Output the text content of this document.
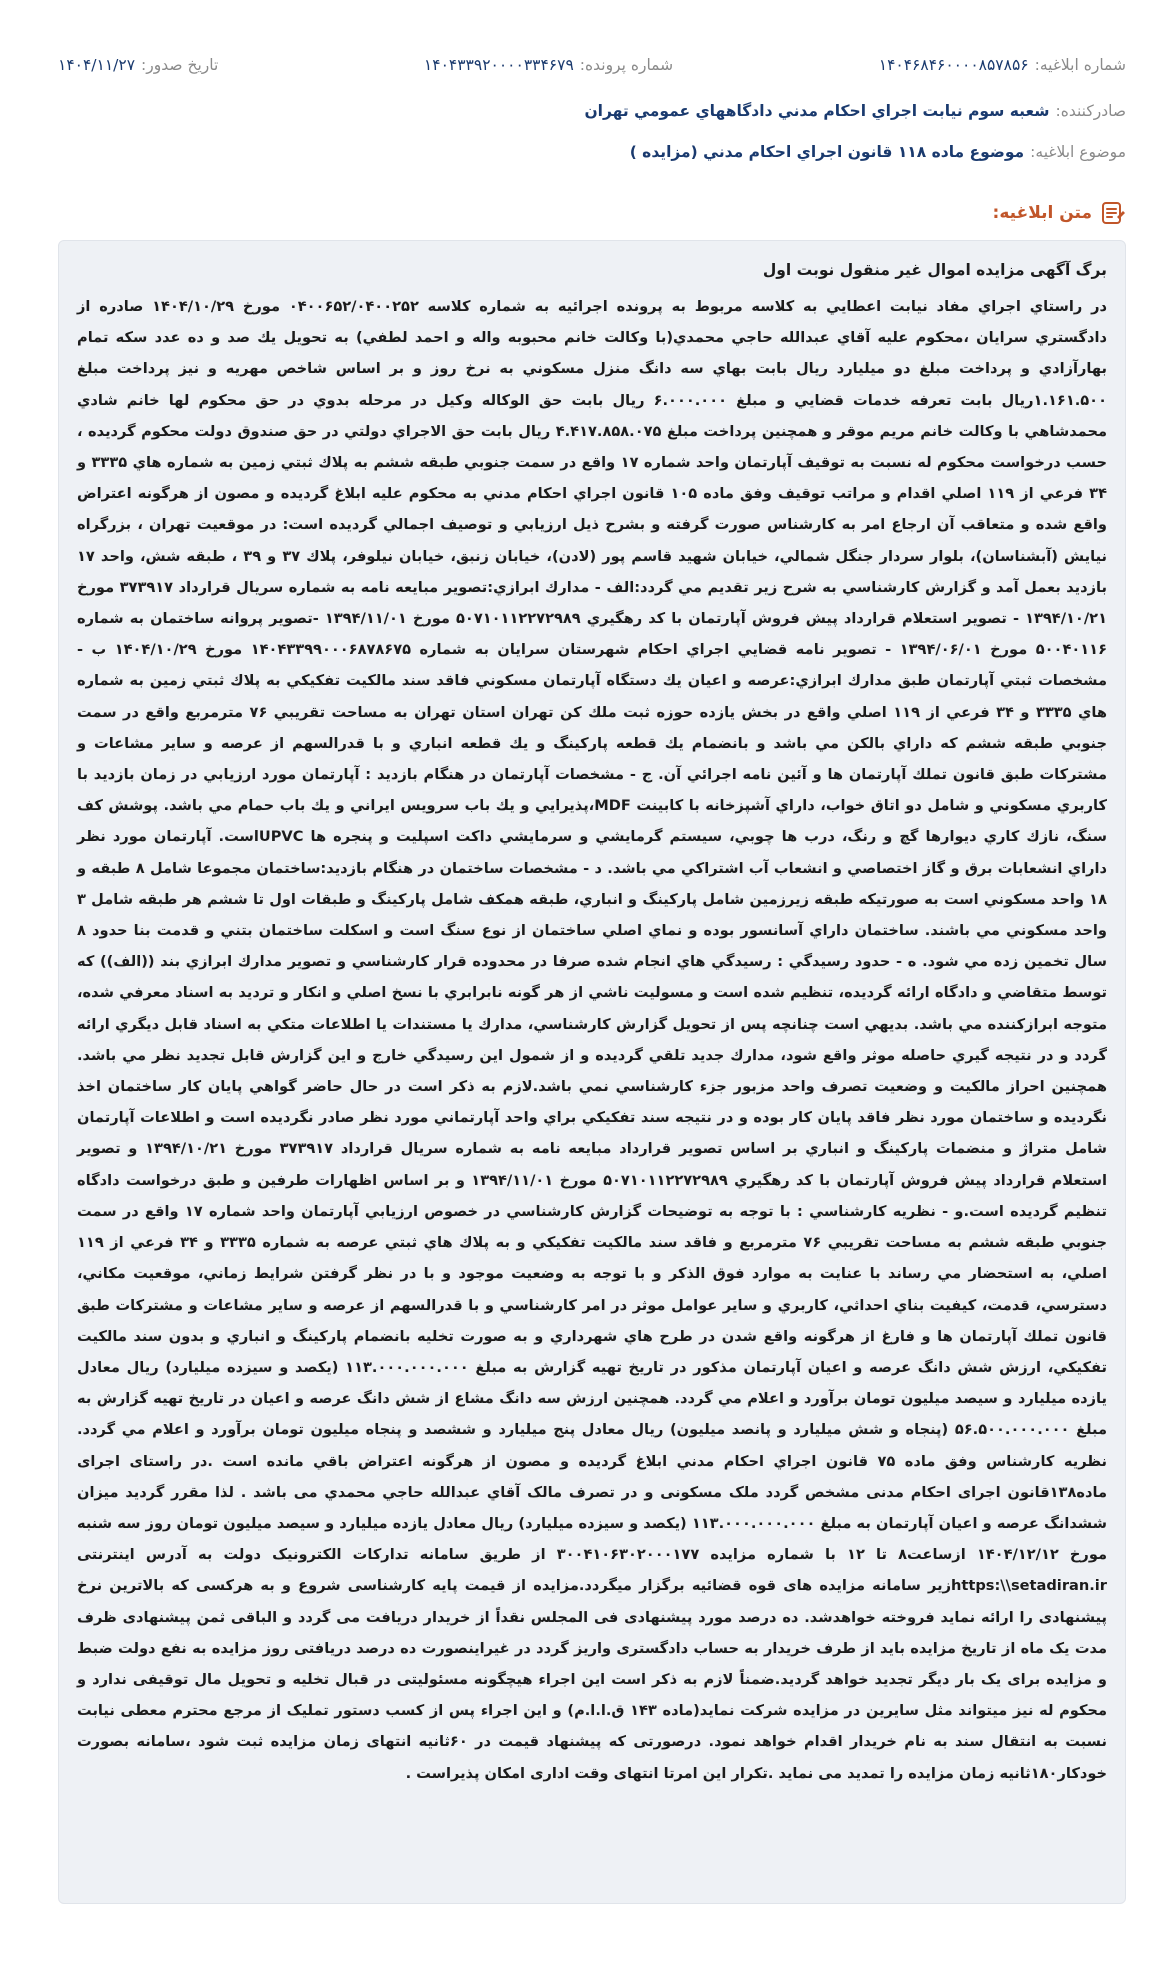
شماره ابلاغيه:
۱۴۰۴۶۸۴۶۰۰۰۰۸۵۷۸۵۶
شماره پرونده:
۱۴۰۴۳۳۹۲۰۰۰۰۳۳۴۶۷۹
تاريخ صدور:
۱۴۰۴/۱۱/۲۷
صادرکننده:
شعبه سوم نيابت اجراي احكام مدني دادگاههاي عمومي تهران
موضوع ابلاغيه:
موضوع ماده ۱۱۸ قانون اجراي احكام مدني (مزايده )
متن ابلاغيه:
برگ آگهی مزایده اموال غیر منقول نوبت اول

در راستاي اجراي مفاد نيابت اعطايي به كلاسه مربوط به پرونده اجرائيه به شماره كلاسه ۰۴۰۰۶۵۲/۰۴۰۰۲۵۲ مورخ ۱۴۰۴/۱۰/۲۹ صادره از دادگستري سرايان ،محكوم عليه آقاي عبدالله حاجي محمدي(با وكالت خانم محبوبه واله و احمد لطفي) به تحويل يك صد و ده عدد سكه تمام بهارآزادي و پرداخت مبلغ دو ميليارد ريال بابت بهاي سه دانگ منزل مسكوني به نرخ روز و بر اساس شاخص مهريه و نيز پرداخت مبلغ ۱.۱۶۱.۵۰۰ريال بابت تعرفه خدمات قضايي و مبلغ ۶.۰۰۰.۰۰۰ ريال بابت حق الوكاله وكيل در مرحله بدوي در حق محكوم لها خانم شادي محمدشاهي با وكالت خانم مريم موقر و همچنين پرداخت مبلغ ۴.۴۱۷.۸۵۸.۰۷۵ ريال بابت حق الاجراي دولتي در حق صندوق دولت محكوم گرديده ، حسب درخواست محكوم له نسبت به توقيف آپارتمان واحد شماره ۱۷ واقع در سمت جنوبي طبقه ششم به پلاك ثبتي زمين به شماره هاي ۳۳۳۵ و ۳۴ فرعي از ۱۱۹ اصلي اقدام و مراتب توقيف وفق ماده ۱۰۵ قانون اجراي احكام مدني به محكوم عليه ابلاغ گرديده و مصون از هرگونه اعتراض واقع شده و متعاقب آن ارجاع امر به كارشناس صورت گرفته و بشرح ذيل ارزيابي و توصيف اجمالي گرديده است: در موقعيت تهران ، بزرگراه نيايش (آبشناسان)، بلوار سردار جنگل شمالي، خيابان شهيد قاسم پور (لادن)، خيابان زنبق، خيابان نيلوفر، پلاك ۳۷ و ۳۹ ، طبقه شش، واحد ۱۷ بازديد بعمل آمد و گزارش كارشناسي به شرح زير تقديم مي گردد:الف - مدارك ابرازي:تصوير مبايعه نامه به شماره سريال قرارداد ۳۷۳۹۱۷ مورخ ۱۳۹۴/۱۰/۲۱ - تصوير استعلام قرارداد پيش فروش آپارتمان با كد رهگيري ۵۰۷۱۰۱۱۲۲۷۲۹۸۹ مورخ ۱۳۹۴/۱۱/۰۱ -تصوير پروانه ساختمان به شماره ۵۰۰۴۰۱۱۶ مورخ ۱۳۹۴/۰۶/۰۱ - تصوير نامه قضايي اجراي احكام شهرستان سرايان به شماره ۱۴۰۴۳۳۹۹۰۰۰۶۸۷۸۶۷۵ مورخ ۱۴۰۴/۱۰/۲۹ ب - مشخصات ثبتي آپارتمان طبق مدارك ابرازي:عرصه و اعيان يك دستگاه آپارتمان مسكوني فاقد سند مالكيت تفكيكي به پلاك ثبتي زمين به شماره هاي ۳۳۳۵ و ۳۴ فرعي از ۱۱۹ اصلي واقع در بخش يازده حوزه ثبت ملك كن تهران استان تهران به مساحت تقريبي ۷۶ مترمربع واقع در سمت جنوبي طبقه ششم كه داراي بالكن مي باشد و بانضمام يك قطعه پاركينگ و يك قطعه انباري و با قدرالسهم از عرصه و ساير مشاعات و مشتركات طبق قانون تملك آپارتمان ها و آئين نامه اجرائي آن. ج - مشخصات آپارتمان در هنگام بازديد : آپارتمان مورد ارزيابي در زمان بازديد با كاربري مسكوني و شامل دو اتاق خواب، داراي آشپزخانه با كابينت MDF،پذيرايي و يك باب سرويس ايراني و يك باب حمام مي باشد. پوشش كف سنگ، نازك كاري ديوارها گچ و رنگ، درب ها چوبي، سيستم گرمايشي و سرمايشي داكت اسپليت و پنجره ها UPVCاست. آپارتمان مورد نظر داراي انشعابات برق و گاز اختصاصي و انشعاب آب اشتراكي مي باشد. د - مشخصات ساختمان در هنگام بازديد:ساختمان مجموعا شامل ۸ طبقه و ۱۸ واحد مسكوني است به صورتيكه طبقه زيرزمين شامل پاركينگ و انباري، طبقه همكف شامل پاركينگ و طبقات اول تا ششم هر طبقه شامل ۳ واحد مسكوني مي باشند. ساختمان داراي آسانسور بوده و نماي اصلي ساختمان از نوع سنگ است و اسكلت ساختمان بتني و قدمت بنا حدود ۸ سال تخمين زده مي شود. ه - حدود رسيدگي : رسيدگي هاي انجام شده صرفا در محدوده قرار كارشناسي و تصوير مدارك ابرازي بند ((الف)) كه توسط متقاضي و دادگاه ارائه گرديده، تنظيم شده است و مسوليت ناشي از هر گونه نابرابري با نسخ اصلي و انكار و ترديد به اسناد معرفي شده، متوجه ابرازكننده مي باشد. بديهي است چنانچه پس از تحويل گزارش كارشناسي، مدارك يا مستندات يا اطلاعات متكي به اسناد قابل ديگري ارائه گردد و در نتيجه گيري حاصله موثر واقع شود، مدارك جديد تلقي گرديده و از شمول اين رسيدگي خارج و اين گزارش قابل تجديد نظر مي باشد. همچنين احراز مالكيت و وضعيت تصرف واحد مزبور جزء كارشناسي نمي باشد.لازم به ذكر است در حال حاضر گواهي پايان كار ساختمان اخذ نگرديده و ساختمان مورد نظر فاقد پايان كار بوده و در نتيجه سند تفكيكي براي واحد آپارتماني مورد نظر صادر نگرديده است و اطلاعات آپارتمان شامل متراژ و منضمات پاركينگ و انباري بر اساس تصوير قرارداد مبايعه نامه به شماره سريال قرارداد ۳۷۳۹۱۷ مورخ ۱۳۹۴/۱۰/۲۱ و تصوير استعلام قرارداد پيش فروش آپارتمان با كد رهگيري ۵۰۷۱۰۱۱۲۲۷۲۹۸۹ مورخ ۱۳۹۴/۱۱/۰۱ و بر اساس اظهارات طرفين و طبق درخواست دادگاه تنظيم گرديده است.و - نظريه كارشناسي : با توجه به توضيحات گزارش كارشناسي در خصوص ارزيابي آپارتمان واحد شماره ۱۷ واقع در سمت جنوبي طبقه ششم به مساحت تقريبي ۷۶ مترمربع و فاقد سند مالكيت تفكيكي و به پلاك هاي ثبتي عرصه به شماره ۳۳۳۵ و ۳۴ فرعي از ۱۱۹ اصلي، به استحضار مي رساند با عنايت به موارد فوق الذكر و با توجه به وضعيت موجود و با در نظر گرفتن شرايط زماني، موقعيت مكاني، دسترسي، قدمت، كيفيت بناي احداثي، كاربري و ساير عوامل موثر در امر كارشناسي و با قدرالسهم از عرصه و ساير مشاعات و مشتركات طبق قانون تملك آپارتمان ها و فارغ از هرگونه واقع شدن در طرح هاي شهرداري و به صورت تخليه بانضمام پاركينگ و انباري و بدون سند مالكيت تفكيكي، ارزش شش دانگ عرصه و اعيان آپارتمان مذكور در تاريخ تهيه گزارش به مبلغ ۱۱۳.۰۰۰.۰۰۰.۰۰۰ (يكصد و سيزده ميليارد) ريال معادل يازده ميليارد و سيصد ميليون تومان برآورد و اعلام مي گردد. همچنين ارزش سه دانگ مشاع از شش دانگ عرصه و اعيان در تاريخ تهيه گزارش به مبلغ ۵۶.۵۰۰.۰۰۰.۰۰۰ (پنجاه و شش ميليارد و پانصد ميليون) ريال معادل پنج ميليارد و ششصد و پنجاه ميليون تومان برآورد و اعلام مي گردد. نظريه كارشناس وفق ماده ۷۵ قانون اجراي احكام مدني ابلاغ گرديده و مصون از هرگونه اعتراض باقي مانده است .در راستای اجرای ماده۱۳۸قانون اجرای احکام مدنی مشخص گردد ملک مسکونی و در تصرف مالک آقاي عبدالله حاجي محمدي می باشد . لذا مقرر گردید میزان ششدانگ عرصه و اعیان آپارتمان به مبلغ ۱۱۳.۰۰۰.۰۰۰.۰۰۰ (يكصد و سيزده ميليارد) ريال معادل يازده ميليارد و سيصد ميليون تومان روز سه شنبه مورخ ۱۴۰۴/۱۲/۱۲ ازساعت۸ تا ۱۲ با شماره مزایده ۳۰۰۴۱۰۶۳۰۲۰۰۰۱۷۷ از طریق سامانه تدارکات الکترونیک دولت به آدرس اینترنتی https:\\setadiran.irزیر سامانه مزایده های قوه قضائیه برگزار میگردد.مزایده از قیمت پایه کارشناسی شروع و به هرکسی که بالاترین نرخ پیشنهادی را ارائه نماید فروخته خواهدشد. ده درصد مورد پیشنهادی فی المجلس نقداً از خریدار دریافت می گردد و الباقی ثمن پیشنهادی ظرف مدت یک ماه از تاریخ مزایده باید از طرف خریدار به حساب دادگستری واریز گردد در غیراینصورت ده درصد دریافتی روز مزایده به نفع دولت ضبط و مزایده برای یک بار دیگر تجدید خواهد گردید.ضمناً لازم به ذکر است این اجراء هیچگونه مسئولیتی در قبال تخلیه و تحویل مال توقیفی ندارد و محکوم له نیز میتواند مثل سایرین در مزایده شرکت نماید(ماده ۱۴۳ ق.ا.ا.م) و این اجراء پس از کسب دستور تملیک از مرجع محترم معطی نیابت نسبت به انتقال سند به نام خریدار اقدام خواهد نمود. درصورتی که پیشنهاد قیمت در ۶۰ثانیه انتهای زمان مزایده ثبت شود ،سامانه بصورت خودکار۱۸۰ثانیه زمان مزایده را تمدید می نماید .تکرار این امرتا انتهای وقت اداری امکان پذیراست .
